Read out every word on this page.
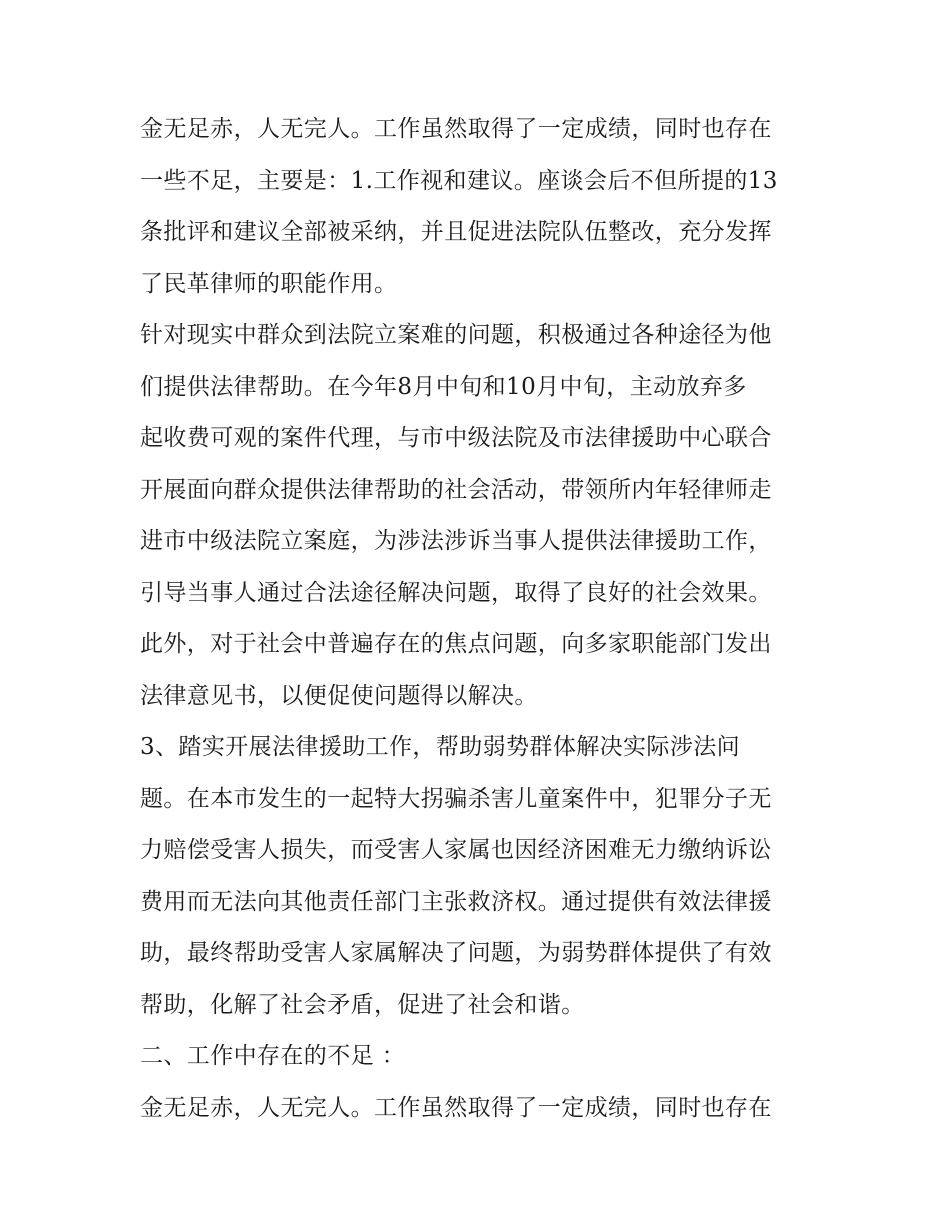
金无足赤，人无完人。工作虽然取得了一定成绩，同时也存在
一些不足，主要是：1.工作视和建议。座谈会后不但所提的13
条批评和建议全部被采纳，并且促进法院队伍整改，充分发挥
了民革律师的职能作用。
针对现实中群众到法院立案难的问题，积极通过各种途径为他
们提供法律帮助。在今年8月中旬和10月中旬，主动放弃多
起收费可观的案件代理，与市中级法院及市法律援助中心联合
开展面向群众提供法律帮助的社会活动，带领所内年轻律师走
进市中级法院立案庭，为涉法涉诉当事人提供法律援助工作，
引导当事人通过合法途径解决问题，取得了良好的社会效果。
此外，对于社会中普遍存在的焦点问题，向多家职能部门发出
法律意见书，以便促使问题得以解决。
3、踏实开展法律援助工作，帮助弱势群体解决实际涉法问
题。在本市发生的一起特大拐骗杀害儿童案件中，犯罪分子无
力赔偿受害人损失，而受害人家属也因经济困难无力缴纳诉讼
费用而无法向其他责任部门主张救济权。通过提供有效法律援
助，最终帮助受害人家属解决了问题，为弱势群体提供了有效
帮助，化解了社会矛盾，促进了社会和谐。
二、工作中存在的不足 ：
金无足赤，人无完人。工作虽然取得了一定成绩，同时也存在
